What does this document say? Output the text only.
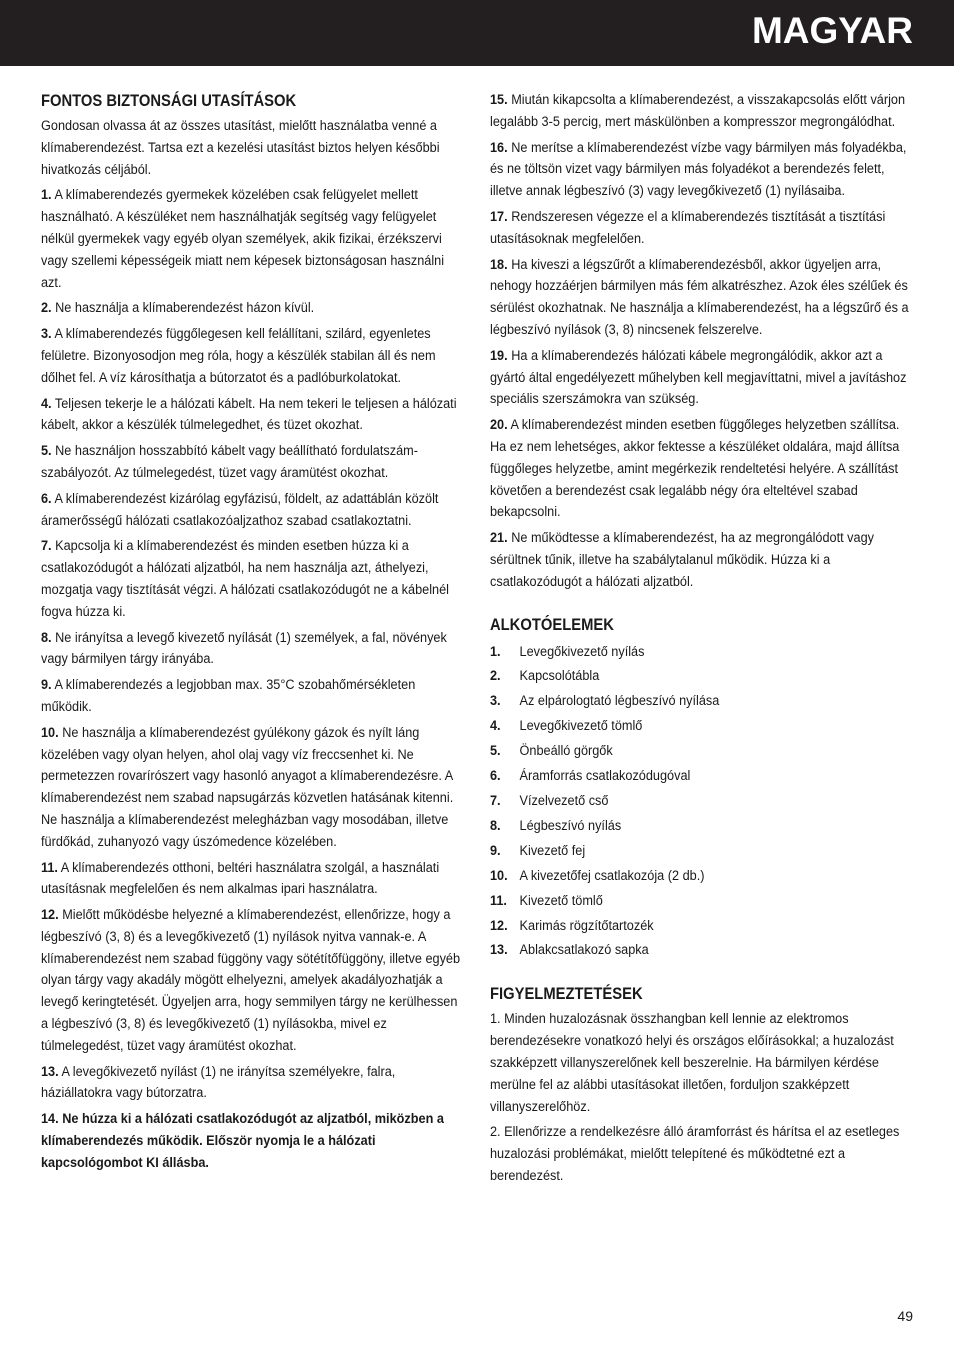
MAGYAR
FONTOS BIZTONSÁGI UTASÍTÁSOK

Gondosan olvassa át az összes utasítást, mielőtt használatba venné a klímaberendezést. Tartsa ezt a kezelési utasítást biztos helyen későbbi hivatkozás céljából.

1. A klímaberendezés gyermekek közelében csak felügyelet mellett használható. A készüléket nem használhatják segítség vagy felügyelet nélkül gyermekek vagy egyéb olyan személyek, akik fizikai, érzékszervi vagy szellemi képességeik miatt nem képesek biztonságosan használni azt.

2. Ne használja a klímaberendezést házon kívül.

3. A klímaberendezés függőlegesen kell felállítani, szilárd, egyenletes felületre. Bizonyosodjon meg róla, hogy a készülék stabilan áll és nem dőlhet fel. A víz károsíthatja a bútorzatot és a padlóburkolatokat.

4. Teljesen tekerje le a hálózati kábelt. Ha nem tekeri le teljesen a hálózati kábelt, akkor a készülék túlmelegedhet, és tüzet okozhat.

5. Ne használjon hosszabbító kábelt vagy beállítható fordulatszám-szabályozót. Az túlmelegedést, tüzet vagy áramütést okozhat.

6. A klímaberendezést kizárólag egyfázisú, földelt, az adattáblán közölt áramerősségű hálózati csatlakozóaljzathoz szabad csatlakoztatni.

7. Kapcsolja ki a klímaberendezést és minden esetben húzza ki a csatlakozódugót a hálózati aljzatból, ha nem használja azt, áthelyezi, mozgatja vagy tisztítását végzi. A hálózati csatlakozódugót ne a kábelnél fogva húzza ki.

8. Ne irányítsa a levegő kivezető nyílását (1) személyek, a fal, növények vagy bármilyen tárgy irányába.

9. A klímaberendezés a legjobban max. 35°C szobahőmérsékleten működik.

10. Ne használja a klímaberendezést gyúlékony gázok és nyílt láng közelében vagy olyan helyen, ahol olaj vagy víz freccsenhet ki. Ne permetezzen rovarírószert vagy hasonló anyagot a klímaberendezésre. A klímaberendezést nem szabad napsugárzás közvetlen hatásának kitenni. Ne használja a klímaberendezést melegházban vagy mosodában, illetve fürdőkád, zuhanyozó vagy úszómedence közelében.

11. A klímaberendezés otthoni, beltéri használatra szolgál, a használati utasításnak megfelelően és nem alkalmas ipari használatra.

12. Mielőtt működésbe helyezné a klímaberendezést, ellenőrizze, hogy a légbeszívó (3, 8) és a levegőkivezető (1) nyílások nyitva vannak-e. A klímaberendezést nem szabad függöny vagy sötétítőfüggöny, illetve egyéb olyan tárgy vagy akadály mögött elhelyezni, amelyek akadályozhatják a levegő keringtetését. Ügyeljen arra, hogy semmilyen tárgy ne kerülhessen a légbeszívó (3, 8) és levegőkivezető (1) nyílásokba, mivel ez túlmelegedést, tüzet vagy áramütést okozhat.

13. A levegőkivezető nyílást (1) ne irányítsa személyekre, falra, háziállatokra vagy bútorzatra.

14. Ne húzza ki a hálózati csatlakozódugót az aljzatból, miközben a klímaberendezés működik. Először nyomja le a hálózati kapcsológombot KI állásba.

15. Miután kikapcsolta a klímaberendezést, a visszakapcsolás előtt várjon legalább 3-5 percig, mert máskülönben a kompresszor megrongálódhat.

16. Ne merítse a klímaberendezést vízbe vagy bármilyen más folyadékba, és ne töltsön vizet vagy bármilyen más folyadékot a berendezés felett, illetve annak légbeszívó (3) vagy levegőkivezető (1) nyílásaiba.

17. Rendszeresen végezze el a klímaberendezés tisztítását a tisztítási utasításoknak megfelelően.

18. Ha kiveszi a légszűrőt a klímaberendezésből, akkor ügyeljen arra, nehogy hozzáérjen bármilyen más fém alkatrészhez. Azok éles szélűek és sérülést okozhatnak. Ne használja a klímaberendezést, ha a légszűrő és a légbeszívó nyílások (3, 8) nincsenek felszerelve.

19. Ha a klímaberendezés hálózati kábele megrongálódik, akkor azt a gyártó által engedélyezett műhelyben kell megjavíttatni, mivel a javításhoz speciális szerszámokra van szükség.

20. A klímaberendezést minden esetben függőleges helyzetben szállítsa. Ha ez nem lehetséges, akkor fektesse a készüléket oldalára, majd állítsa függőleges helyzetbe, amint megérkezik rendeltetési helyére. A szállítást követően a berendezést csak legalább négy óra elteltével szabad bekapcsolni.

21. Ne működtesse a klímaberendezést, ha az megrongálódott vagy sérültnek tűnik, illetve ha szabálytalanul működik. Húzza ki a csatlakozódugót a hálózati aljzatból.

ALKOTÓELEMEK
1.	Levegőkivezető nyílás
2.	Kapcsolótábla
3.	Az elpárologtató légbeszívó nyílása
4.	Levegőkivezető tömlő
5.	Önbeálló görgők
6.	Áramforrás csatlakozódugóval
7.	Vízelvezető cső
8.	Légbeszívó nyílás
9.	Kivezető fej
10. A kivezetőfej csatlakozója (2 db.)
11. Kivezető tömlő
12. Karimás rögzítőtartozék
13. Ablakcsatlakozó sapka
FIGYELMEZTETÉSEK

1. Minden huzalozásnak összhangban kell lennie az elektromos berendezésekre vonatkozó helyi és országos előírásokkal; a huzalozást szakképzett villanyszerelőnek kell beszerelnie. Ha bármilyen kérdése merülne fel az alábbi utasításokat illetően, forduljon szakképzett villanyszerelőhöz.

2. Ellenőrizze a rendelkezésre álló áramforrást és hárítsa el az esetleges huzalozási problémákat, mielőtt telepítené és működtetné ezt a berendezést.

49
